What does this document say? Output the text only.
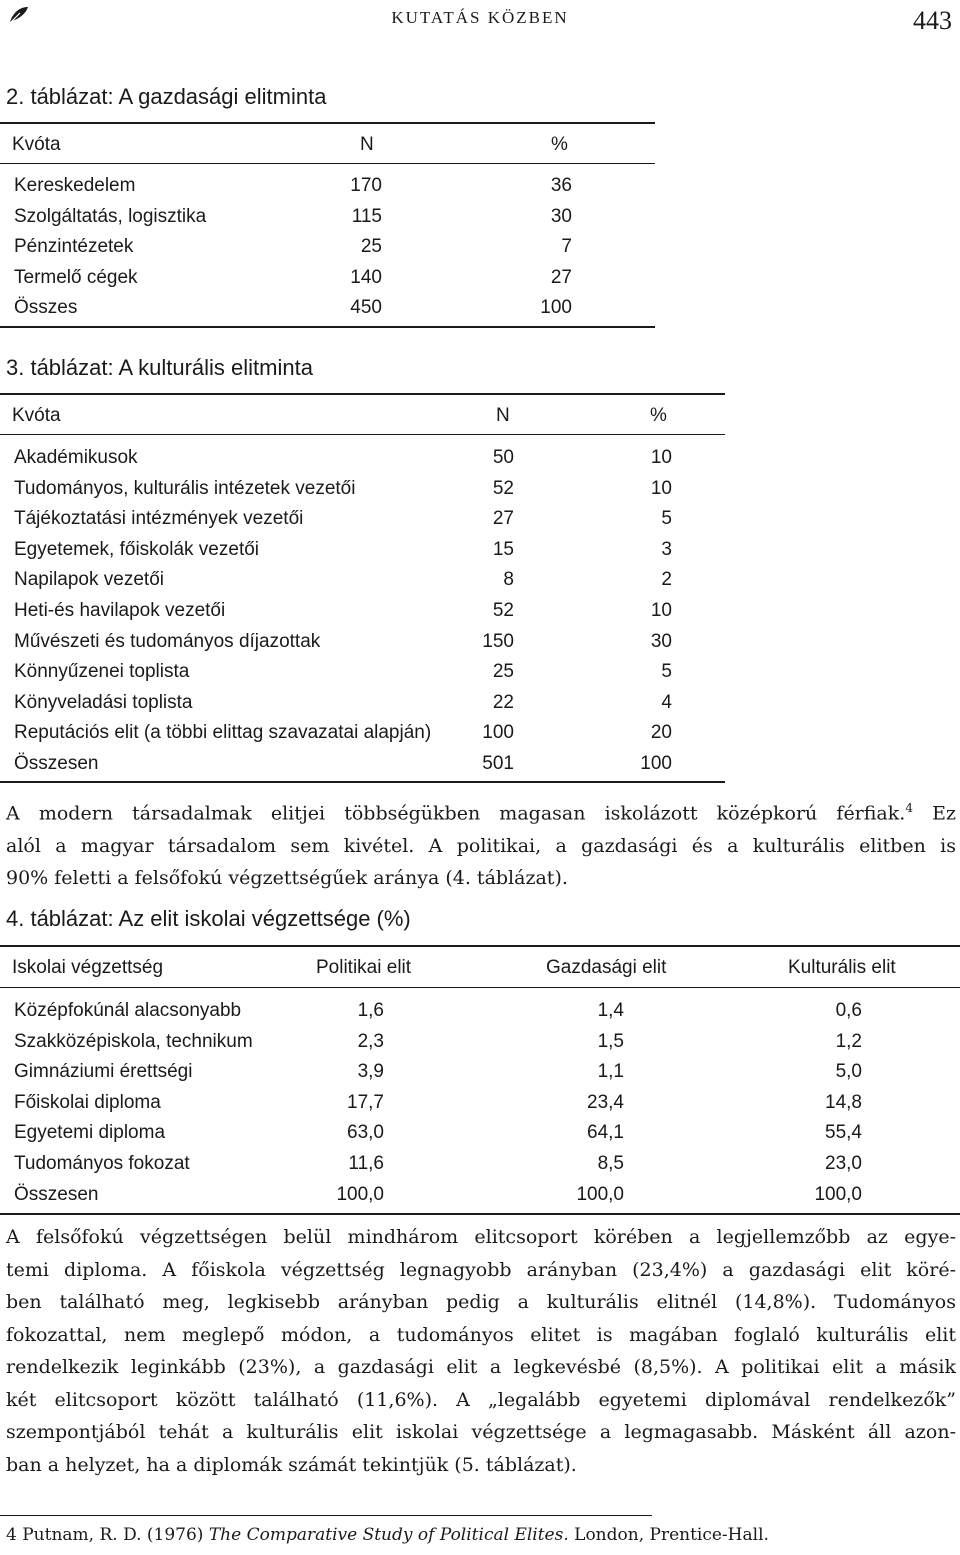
KUTATÁS KÖZBEN	443
2. táblázat: A gazdasági elitminta
Kvóta	N	%
Kereskedelem	170	36
Szolgáltatás, logisztika	115	30
Pénzintézetek	25	7
Termelő cégek	140	27
Összes	450	100
3. táblázat: A kulturális elitminta
Kvóta	N	%
Akadémikusok	50	10
Tudományos, kulturális intézetek vezetői	52	10
Tájékoztatási intézmények vezetői	27	5
Egyetemek, főiskolák vezetői	15	3
Napilapok vezetői	8	2
Heti-és havilapok vezetői	52	10
Művészeti és tudományos díjazottak	150	30
Könnyűzenei toplista	25	5
Könyveladási toplista	22	4
Reputációs elit (a többi elittag szavazatai alapján)	100	20
Összesen	501	100
A modern társadalmak elitjei többségükben magasan iskolázott középkorú férfiak.$^4$ Ez
alól a magyar társadalom sem kivétel. A politikai, a gazdasági és a kulturális elitben is
90% feletti a felsőfokú végzettségűek aránya (4. táblázat).
4. táblázat: Az elit iskolai végzettsége (%)
Iskolai végzettség	Politikai elit	Gazdasági elit	Kulturális elit
Középfokúnál alacsonyabb	1,6	1,4	0,6
Szakközépiskola, technikum	2,3	1,5	1,2
Gimnáziumi érettségi	3,9	1,1	5,0
Főiskolai diploma	17,7	23,4	14,8
Egyetemi diploma	63,0	64,1	55,4
Tudományos fokozat	11,6	8,5	23,0
Összesen	100,0	100,0	100,0
A felsőfokú végzettségen belül mindhárom elitcsoport körében a legjellemzőbb az egye-
temi diploma. A főiskola végzettség legnagyobb arányban (23,4%) a gazdasági elit köré-
ben található meg, legkisebb arányban pedig a kulturális elitnél (14,8%). Tudományos
fokozattal, nem meglepő módon, a tudományos elitet is magában foglaló kulturális elit
rendelkezik leginkább (23%), a gazdasági elit a legkevésbé (8,5%). A politikai elit a másik
két elitcsoport között található (11,6%). A „legalább egyetemi diplomával rendelkezők”
szempontjából tehát a kulturális elit iskolai végzettsége a legmagasabb. Másként áll azon-
ban a helyzet, ha a diplomák számát tekintjük (5. táblázat).
4 Putnam, R. D. (1976) The Comparative Study of Political Elites. London, Prentice-Hall.
